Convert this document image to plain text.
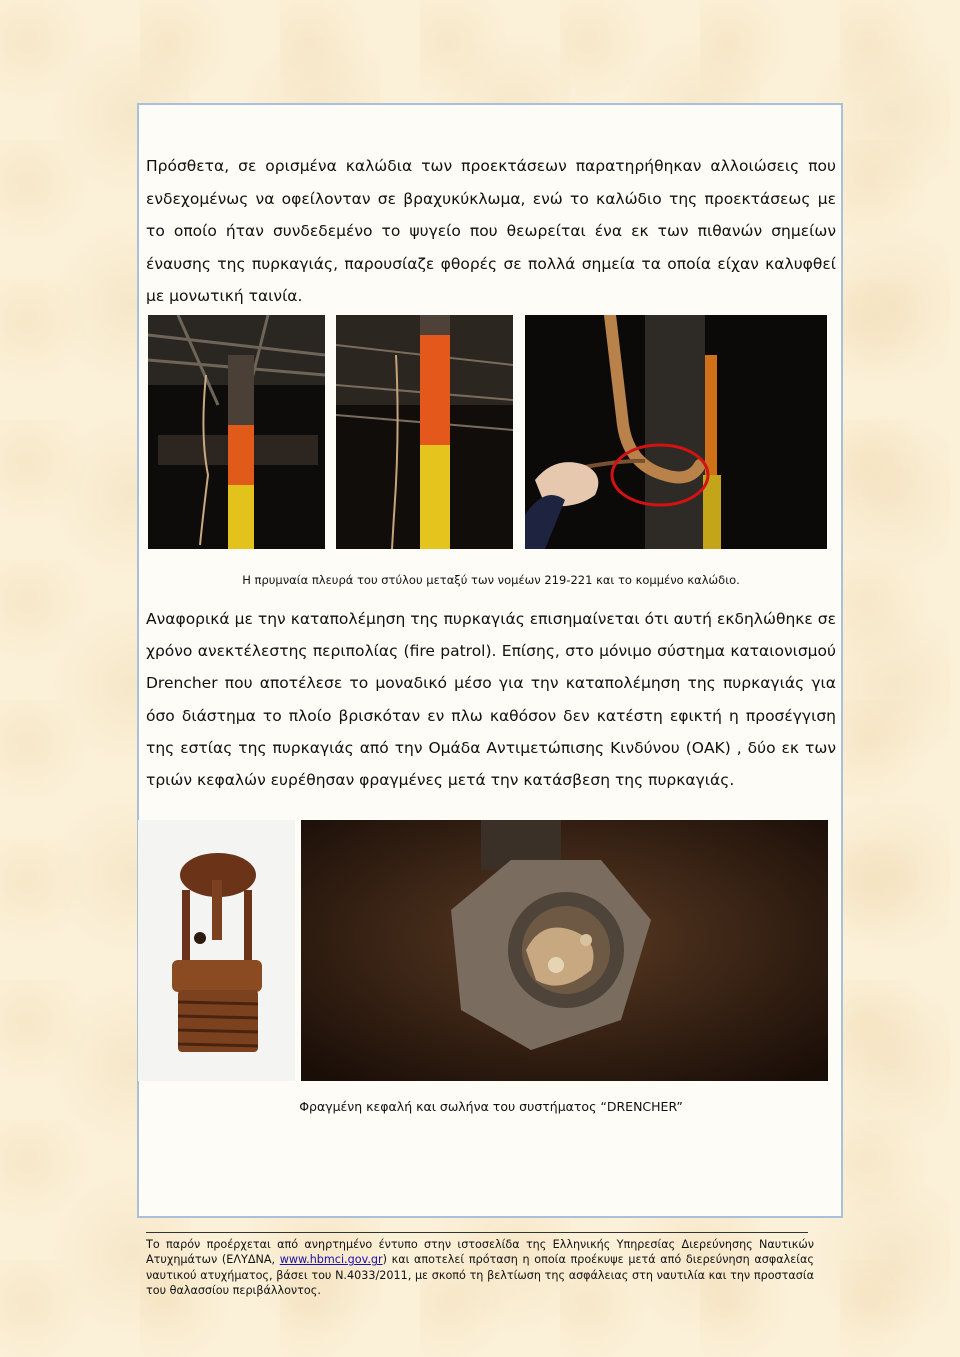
Πρόσθετα, σε ορισμένα καλώδια των προεκτάσεων παρατηρήθηκαν αλλοιώσεις που ενδεχομένως να οφείλονταν σε βραχυκύκλωμα, ενώ το καλώδιο της προεκτάσεως με το οποίο ήταν συνδεδεμένο το ψυγείο που θεωρείται ένα εκ των πιθανών σημείων έναυσης της πυρκαγιάς, παρουσίαζε φθορές σε πολλά σημεία τα οποία είχαν καλυφθεί με μονωτική ταινία.

Η πρυμναία πλευρά του στύλου μεταξύ των νομέων 219-221 και το κομμένο καλώδιο.

Αναφορικά με την καταπολέμηση της πυρκαγιάς επισημαίνεται ότι αυτή εκδηλώθηκε σε χρόνο ανεκτέλεστης περιπολίας (fire patrol). Επίσης, στο μόνιμο σύστημα καταιονισμού Drencher που αποτέλεσε το μοναδικό μέσο για την καταπολέμηση της πυρκαγιάς για όσο διάστημα το πλοίο βρισκόταν εν πλω καθόσον δεν κατέστη εφικτή η προσέγγιση της εστίας της πυρκαγιάς από την Ομάδα Αντιμετώπισης Κινδύνου (ΟΑΚ) , δύο εκ των τριών κεφαλών ευρέθησαν φραγμένες μετά την κατάσβεση της πυρκαγιάς.

Φραγμένη κεφαλή και σωλήνα του συστήματος “DRENCHER”
Το παρόν προέρχεται από ανηρτημένο έντυπο στην ιστοσελίδα της Ελληνικής Υπηρεσίας Διερεύνησης Ναυτικών Ατυχημάτων (ΕΛΥΔΝΑ, www.hbmci.gov.gr) και αποτελεί πρόταση η οποία προέκυψε μετά από διερεύνηση ασφαλείας ναυτικού ατυχήματος, βάσει του Ν.4033/2011, με σκοπό τη βελτίωση της ασφάλειας στη ναυτιλία και την προστασία του θαλασσίου περιβάλλοντος.
